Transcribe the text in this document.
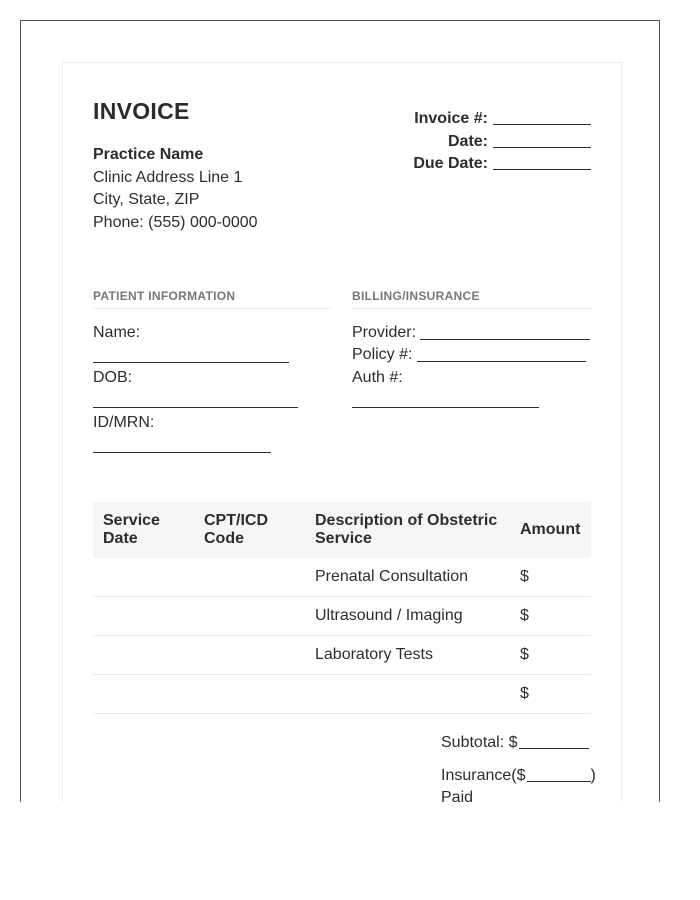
INVOICE
Practice Name
Clinic Address Line 1
City, State, ZIP
Phone: (555) 000-0000
Invoice #:
Date:
Due Date:
PATIENT INFORMATION	BILLING/INSURANCE
Name:
DOB:
ID/MRN:
Provider:
Policy #:
Auth #:
Service Date	CPT/ICD Code	Description of Obstetric Service	Amount
		Prenatal Consultation	$
		Ultrasound / Imaging	$
		Laboratory Tests	$
			$
Subtotal: $
Insurance($	)
Paid
